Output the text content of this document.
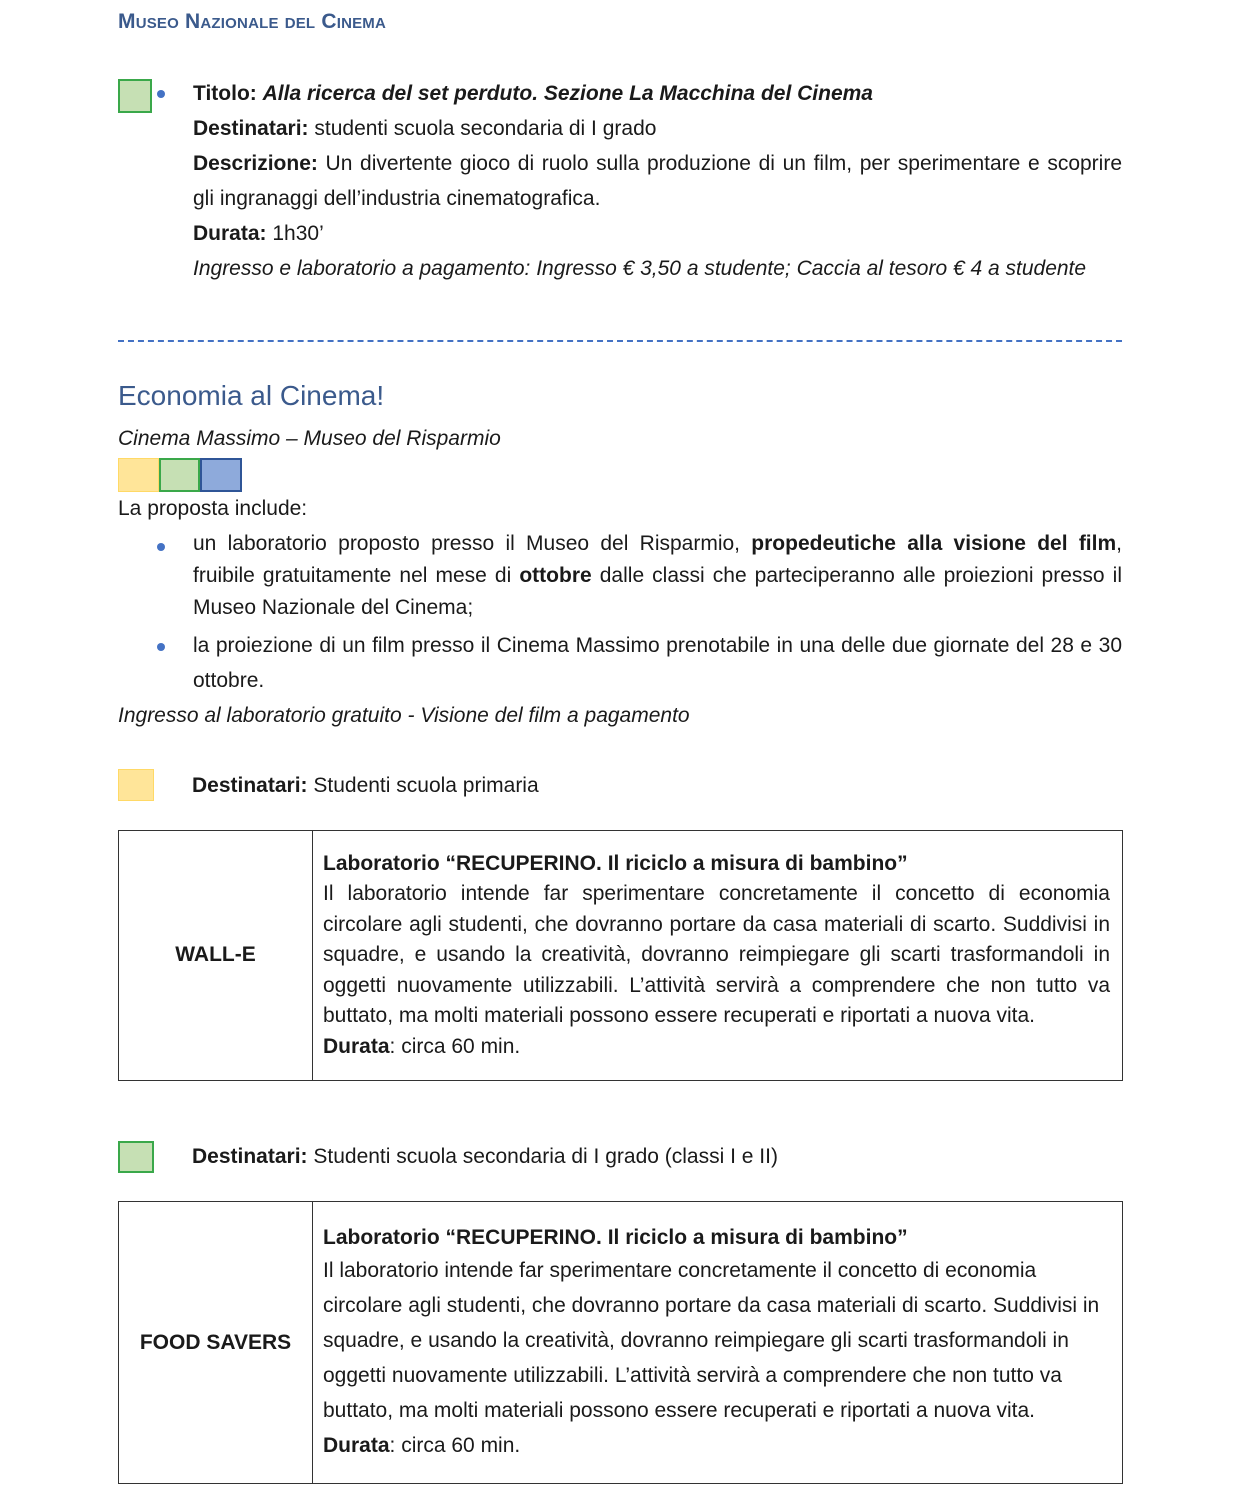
Museo Nazionale del Cinema
Titolo: Alla ricerca del set perduto. Sezione La Macchina del Cinema
Destinatari: studenti scuola secondaria di I grado
Descrizione: Un divertente gioco di ruolo sulla produzione di un film, per sperimentare e scoprire gli ingranaggi dell’industria cinematografica.
Durata: 1h30’
Ingresso e laboratorio a pagamento: Ingresso € 3,50 a studente; Caccia al tesoro € 4 a studente
Economia al Cinema!
Cinema Massimo – Museo del Risparmio
La proposta include:
un laboratorio proposto presso il Museo del Risparmio, propedeutiche alla visione del film, fruibile gratuitamente nel mese di ottobre dalle classi che parteciperanno alle proiezioni presso il Museo Nazionale del Cinema;
la proiezione di un film presso il Cinema Massimo prenotabile in una delle due giornate del 28 e 30 ottobre.
Ingresso al laboratorio gratuito - Visione del film a pagamento
Destinatari: Studenti scuola primaria
WALL-E	
Laboratorio “RECUPERINO. Il riciclo a misura di bambino”
Il laboratorio intende far sperimentare concretamente il concetto di economia circolare agli studenti, che dovranno portare da casa materiali di scarto. Suddivisi in squadre, e usando la creatività, dovranno reimpiegare gli scarti trasformandoli in oggetti nuovamente utilizzabili. L’attività servirà a comprendere che non tutto va buttato, ma molti materiali possono essere recuperati e riportati a nuova vita.
Durata: circa 60 min.
Destinatari: Studenti scuola secondaria di I grado (classi I e II)
FOOD SAVERS	
Laboratorio “RECUPERINO. Il riciclo a misura di bambino”
Il laboratorio intende far sperimentare concretamente il concetto di economia circolare agli studenti, che dovranno portare da casa materiali di scarto. Suddivisi in squadre, e usando la creatività, dovranno reimpiegare gli scarti trasformandoli in oggetti nuovamente utilizzabili. L’attività servirà a comprendere che non tutto va buttato, ma molti materiali possono essere recuperati e riportati a nuova vita.
Durata: circa 60 min.
